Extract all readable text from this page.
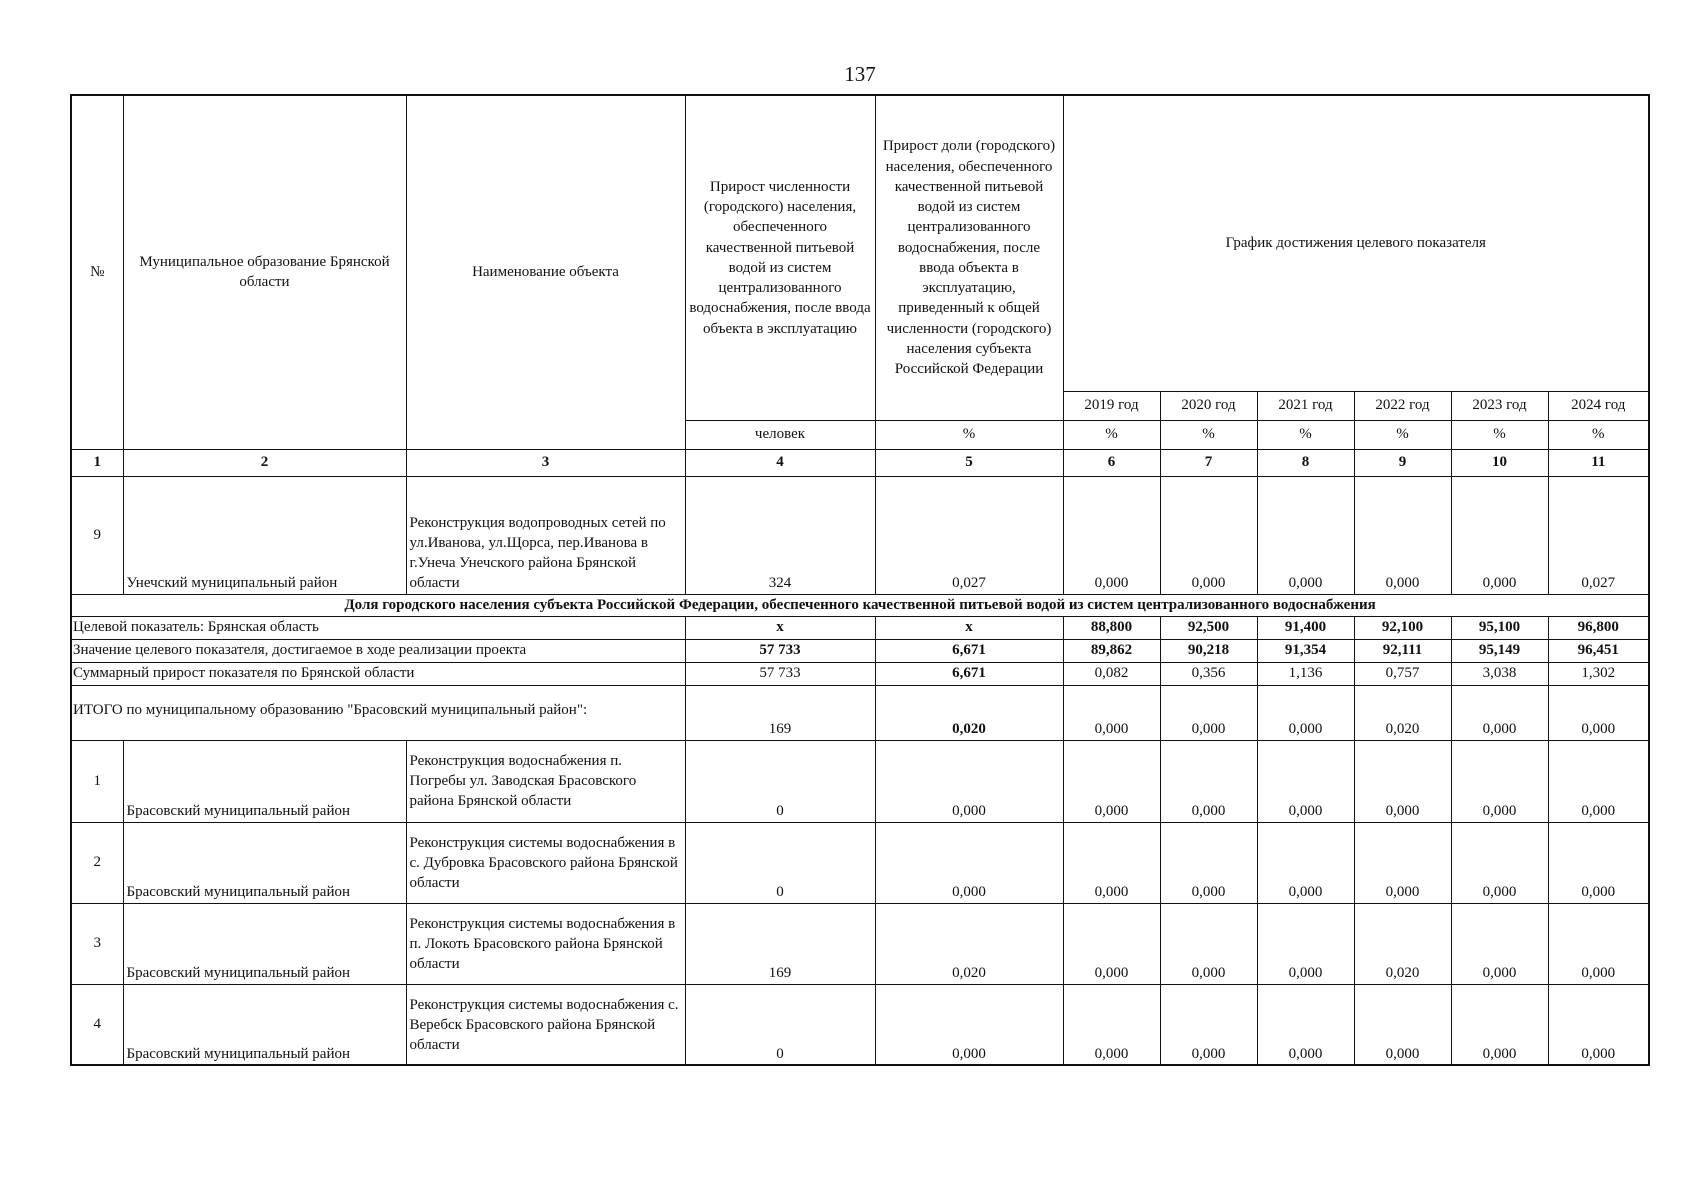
137
№	Муниципальное образование Брянской области	Наименование объекта	Прирост численности (городского) населения, обеспеченного качественной питьевой водой из систем централизованного водоснабжения, после ввода объекта в эксплуатацию	Прирост доли (городского) населения, обеспеченного качественной питьевой водой из систем централизованного водоснабжения, после ввода объекта в эксплуатацию, приведенный к общей численности (городского) населения субъекта Российской Федерации	График достижения целевого показателя					
					2019 год	2020 год	2021 год	2022 год	2023 год	2024 год
			человек	%	%	%	%	%	%	%
1	2	3	4	5	6	7	8	9	10	11
9	Унечский муниципальный район	Реконструкция водопроводных сетей по ул.Иванова, ул.Щорса, пер.Иванова в г.Унеча Унечского района Брянской области	324	0,027	0,000	0,000	0,000	0,000	0,000	0,027
Доля городского населения субъекта Российской Федерации, обеспеченного качественной питьевой водой из систем централизованного водоснабжения										
Целевой показатель: Брянская область			x	x	88,800	92,500	91,400	92,100	95,100	96,800
Значение целевого показателя, достигаемое в ходе реализации проекта			57 733	6,671	89,862	90,218	91,354	92,111	95,149	96,451
Суммарный прирост показателя по Брянской области			57 733	6,671	0,082	0,356	1,136	0,757	3,038	1,302
ИТОГО по муниципальному образованию "Брасовский муниципальный район":			169	0,020	0,000	0,000	0,000	0,020	0,000	0,000
1	Брасовский муниципальный район	Реконструкция водоснабжения п. Погребы ул. Заводская Брасовского района Брянской области	0	0,000	0,000	0,000	0,000	0,000	0,000	0,000
2	Брасовский муниципальный район	Реконструкция системы водоснабжения в с. Дубровка Брасовского района Брянской области	0	0,000	0,000	0,000	0,000	0,000	0,000	0,000
3	Брасовский муниципальный район	Реконструкция системы водоснабжения в п. Локоть Брасовского района Брянской области	169	0,020	0,000	0,000	0,000	0,020	0,000	0,000
4	Брасовский муниципальный район	Реконструкция системы водоснабжения с. Веребск Брасовского района Брянской области	0	0,000	0,000	0,000	0,000	0,000	0,000	0,000
